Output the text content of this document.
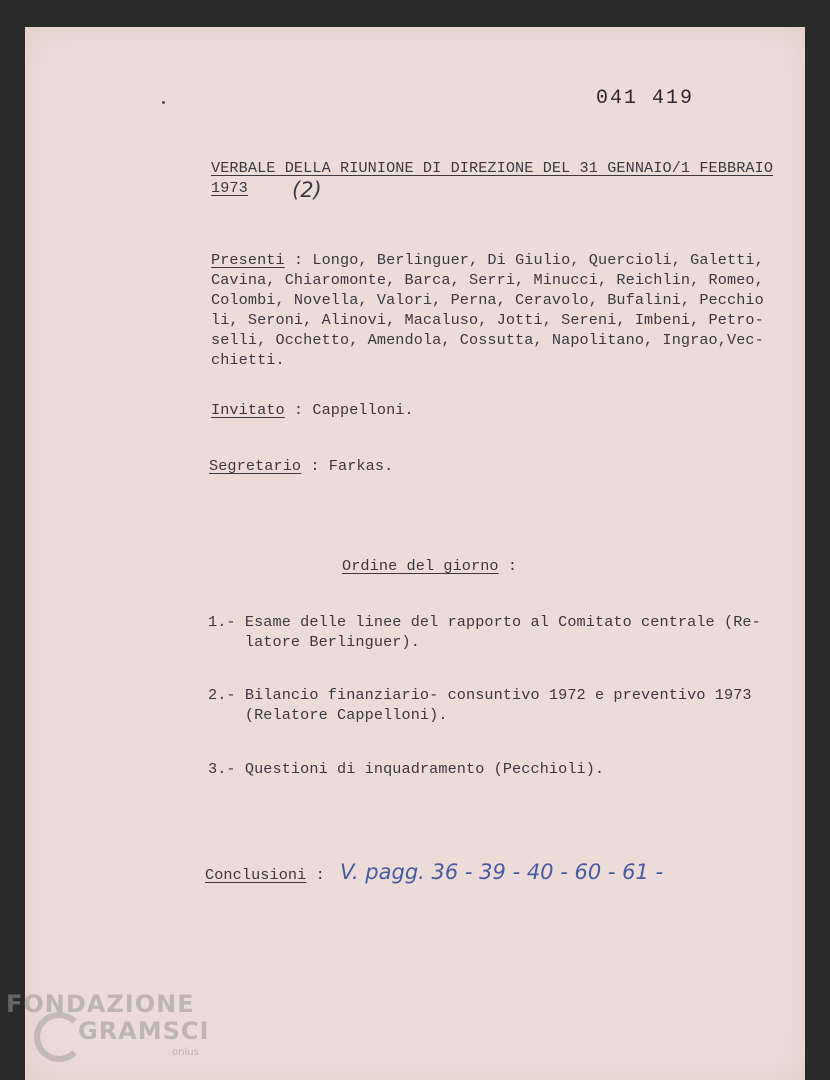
041 419
VERBALE DELLA RIUNIONE DI DIREZIONE DEL 31 GENNAIO/1 FEBBRAIO
1973 (2)
Presenti : Longo, Berlinguer, Di Giulio, Quercioli, Galetti,
Cavina, Chiaromonte, Barca, Serri, Minucci, Reichlin, Romeo,
Colombi, Novella, Valori, Perna, Ceravolo, Bufalini, Pecchio
li, Seroni, Alinovi, Macaluso, Jotti, Sereni, Imbeni, Petro-
selli, Occhetto, Amendola, Cossutta, Napolitano, Ingrao,Vec-
chietti.
Invitato : Cappelloni.
Segretario : Farkas.
Ordine del giorno :
1.- Esame delle linee del rapporto al Comitato centrale (Re-
latore Berlinguer).
2.- Bilancio finanziario- consuntivo 1972 e preventivo 1973
(Relatore Cappelloni).
3.- Questioni di inquadramento (Pecchioli).
Conclusioni : V. pagg. 36 - 39 - 40 - 60 - 61 -
FONDAZIONE
GRAMSCI
onlus
